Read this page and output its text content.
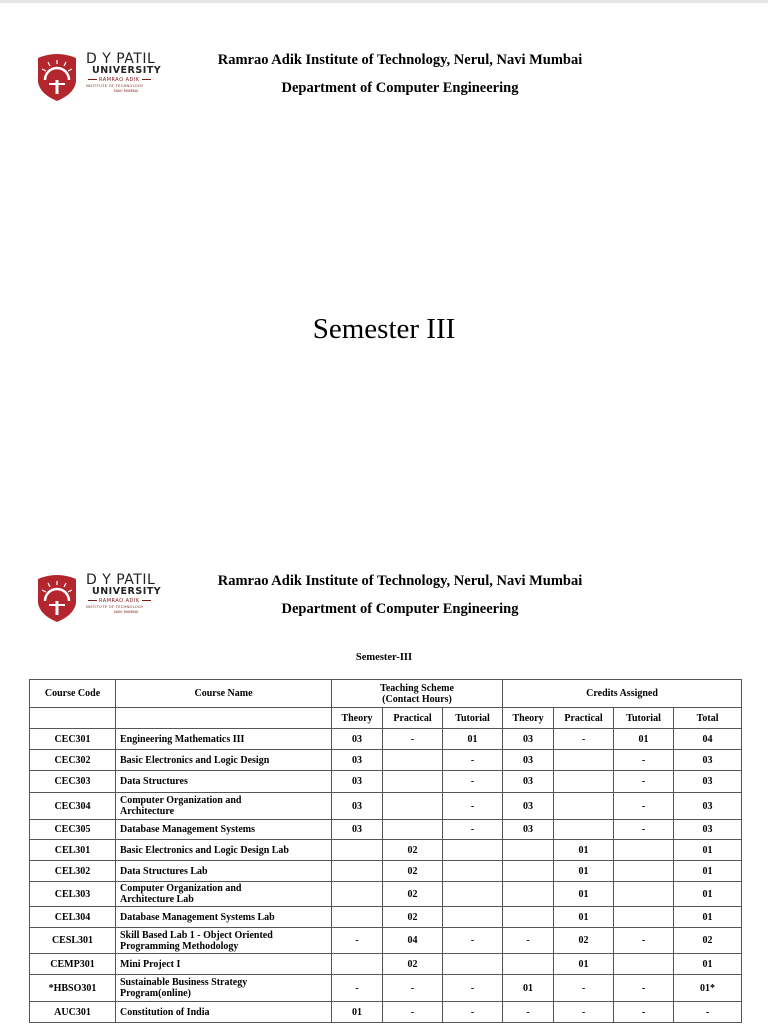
D Y PATIL
UNIVERSITY
RAMRAO ADIK
INSTITUTE OF TECHNOLOGY
NAVI MUMBAI
Ramrao Adik Institute of Technology, Nerul, Navi Mumbai
Department of Computer Engineering
Semester III
D Y PATIL
UNIVERSITY
RAMRAO ADIK
INSTITUTE OF TECHNOLOGY
NAVI MUMBAI
Ramrao Adik Institute of Technology, Nerul, Navi Mumbai
Department of Computer Engineering
Semester-III
Course Code	Course Name	Teaching Scheme
(Contact Hours)			Credits Assigned			
		Theory	Practical	Tutorial	Theory	Practical	Tutorial	Total
CEC301	Engineering Mathematics III	03	-	01	03	-	01	04
CEC302	Basic Electronics and Logic Design	03		-	03		-	03
CEC303	Data Structures	03		-	03		-	03
CEC304	Computer Organization and
Architecture	03		-	03		-	03
CEC305	Database Management Systems	03		-	03		-	03
CEL301	Basic Electronics and Logic Design Lab		02			01		01
CEL302	Data Structures Lab		02			01		01
CEL303	Computer Organization and
Architecture Lab		02			01		01
CEL304	Database Management Systems Lab		02			01		01
CESL301	Skill Based Lab 1 - Object Oriented
Programming Methodology	-	04	-	-	02	-	02
CEMP301	Mini Project I		02			01		01
*HBSO301	Sustainable Business Strategy
Program(online)	-	-	-	01	-	-	01*
AUC301	Constitution of India	01	-	-	-	-	-	-
